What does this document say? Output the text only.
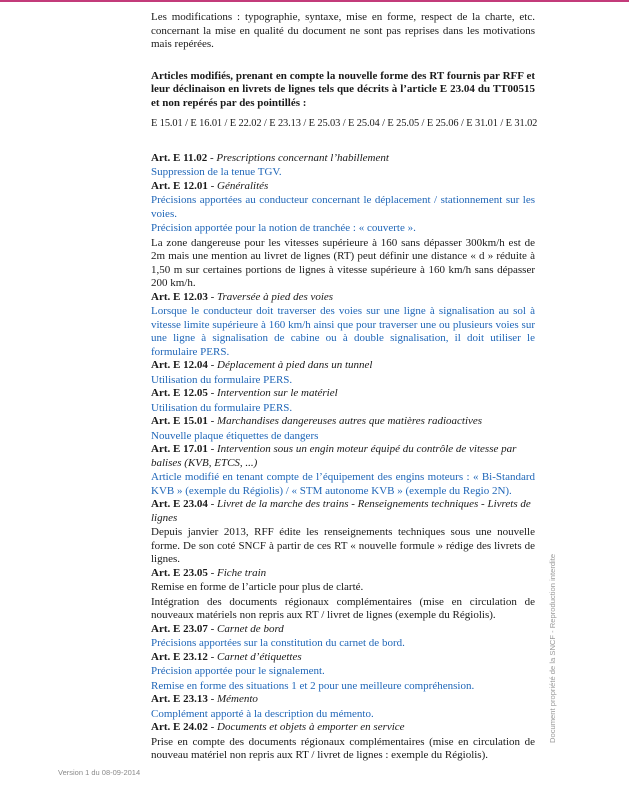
Les modifications : typographie, syntaxe, mise en forme, respect de la charte, etc. concernant la mise en qualité du document ne sont pas reprises dans les motivations mais repérées.

Articles modifiés, prenant en compte la nouvelle forme des RT fournis par RFF et leur déclinaison en livrets de lignes tels que décrits à l’article E 23.04 du TT00515 et non repérés par des pointillés :

E 15.01 / E 16.01 / E 22.02 / E 23.13 / E 25.03 / E 25.04 / E 25.05 / E 25.06 / E 31.01 / E 31.02

Art. E 11.02 - Prescriptions concernant l’habillement

Suppression de la tenue TGV.

Art. E 12.01 - Généralités

Précisions apportées au conducteur concernant le déplacement / stationnement sur les voies.

Précision apportée pour la notion de tranchée : « couverte ».

La zone dangereuse pour les vitesses supérieure à 160 sans dépasser 300km/h est de 2m mais une mention au livret de lignes (RT) peut définir une distance « d » réduite à 1,50 m sur certaines portions de lignes à vitesse supérieure à 160 km/h sans dépasser 200 km/h.

Art. E 12.03 - Traversée à pied des voies

Lorsque le conducteur doit traverser des voies sur une ligne à signalisation au sol à vitesse limite supérieure à 160 km/h ainsi que pour traverser une ou plusieurs voies sur une ligne à signalisation de cabine ou à double signalisation, il doit utiliser le formulaire PERS.

Art. E 12.04 - Déplacement à pied dans un tunnel

Utilisation du formulaire PERS.

Art. E 12.05 - Intervention sur le matériel

Utilisation du formulaire PERS.

Art. E 15.01 - Marchandises dangereuses autres que matières radioactives

Nouvelle plaque étiquettes de dangers

Art. E 17.01 - Intervention sous un engin moteur équipé du contrôle de vitesse par balises (KVB, ETCS, ...)

Article modifié en tenant compte de l’équipement des engins moteurs : « Bi-Standard KVB » (exemple du Régiolis) / « STM autonome KVB » (exemple du Regio 2N).

Art. E 23.04 - Livret de la marche des trains - Renseignements techniques - Livrets de lignes

Depuis janvier 2013, RFF édite les renseignements techniques sous une nouvelle forme. De son coté SNCF à partir de ces RT « nouvelle formule » rédige des livrets de lignes.

Art. E 23.05 - Fiche train

Remise en forme de l’article pour plus de clarté.

Intégration des documents régionaux complémentaires (mise en circulation de nouveaux matériels non repris aux RT / livret de lignes (exemple du Régiolis).

Art. E 23.07 - Carnet de bord

Précisions apportées sur la constitution du carnet de bord.

Art. E 23.12 - Carnet d’étiquettes

Précision apportée pour le signalement.

Remise en forme des situations 1 et 2 pour une meilleure compréhension.

Art. E 23.13 - Mémento

Complément apporté à la description du mémento.

Art. E 24.02 - Documents et objets à emporter en service

Prise en compte des documents régionaux complémentaires (mise en circulation de nouveau matériel non repris aux RT / livret de lignes : exemple du Régiolis).

Document propriété de la SNCF - Reproduction interdite
Version 1 du 08-09-2014
